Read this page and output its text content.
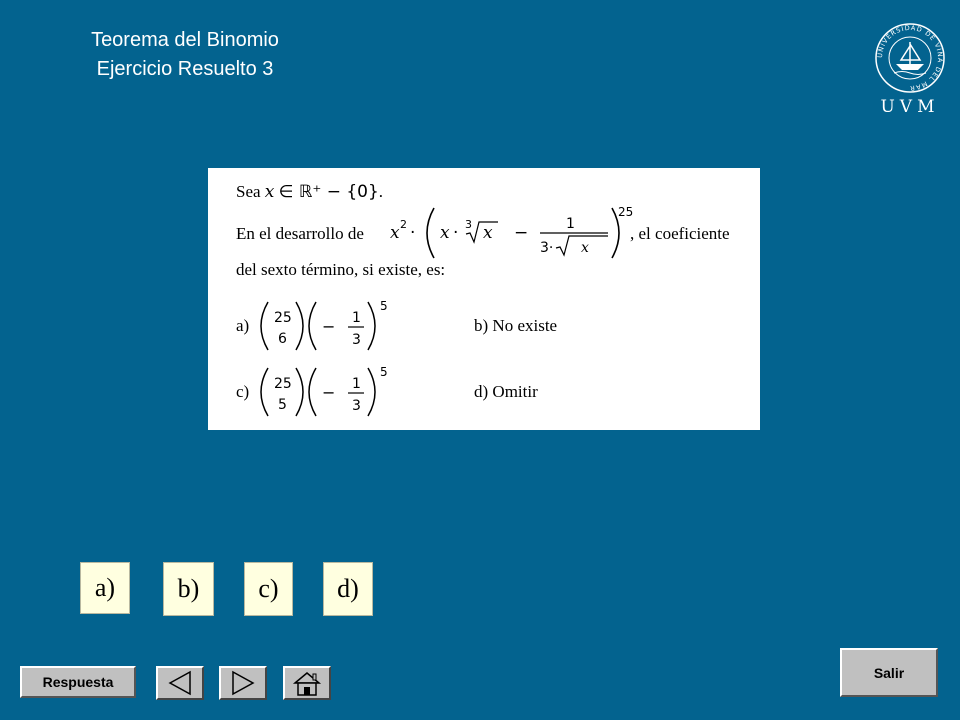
Teorema del Binomio
Ejercicio Resuelto 3
UNIVERSIDAD DE VIÑA DEL MAR
UVM
Sea x ∈ ℝ⁺ − {0}.
En el desarrollo de x 2 · x · 3 x −	1
3· x
25
, el coeficiente
del sexto término, si existe, es:
a) 25
6
− 1
3
5
b) No existe
c) 25
5
− 1
3
5
d) Omitir
a)	b)	c)	d)
Respuesta
Salir
